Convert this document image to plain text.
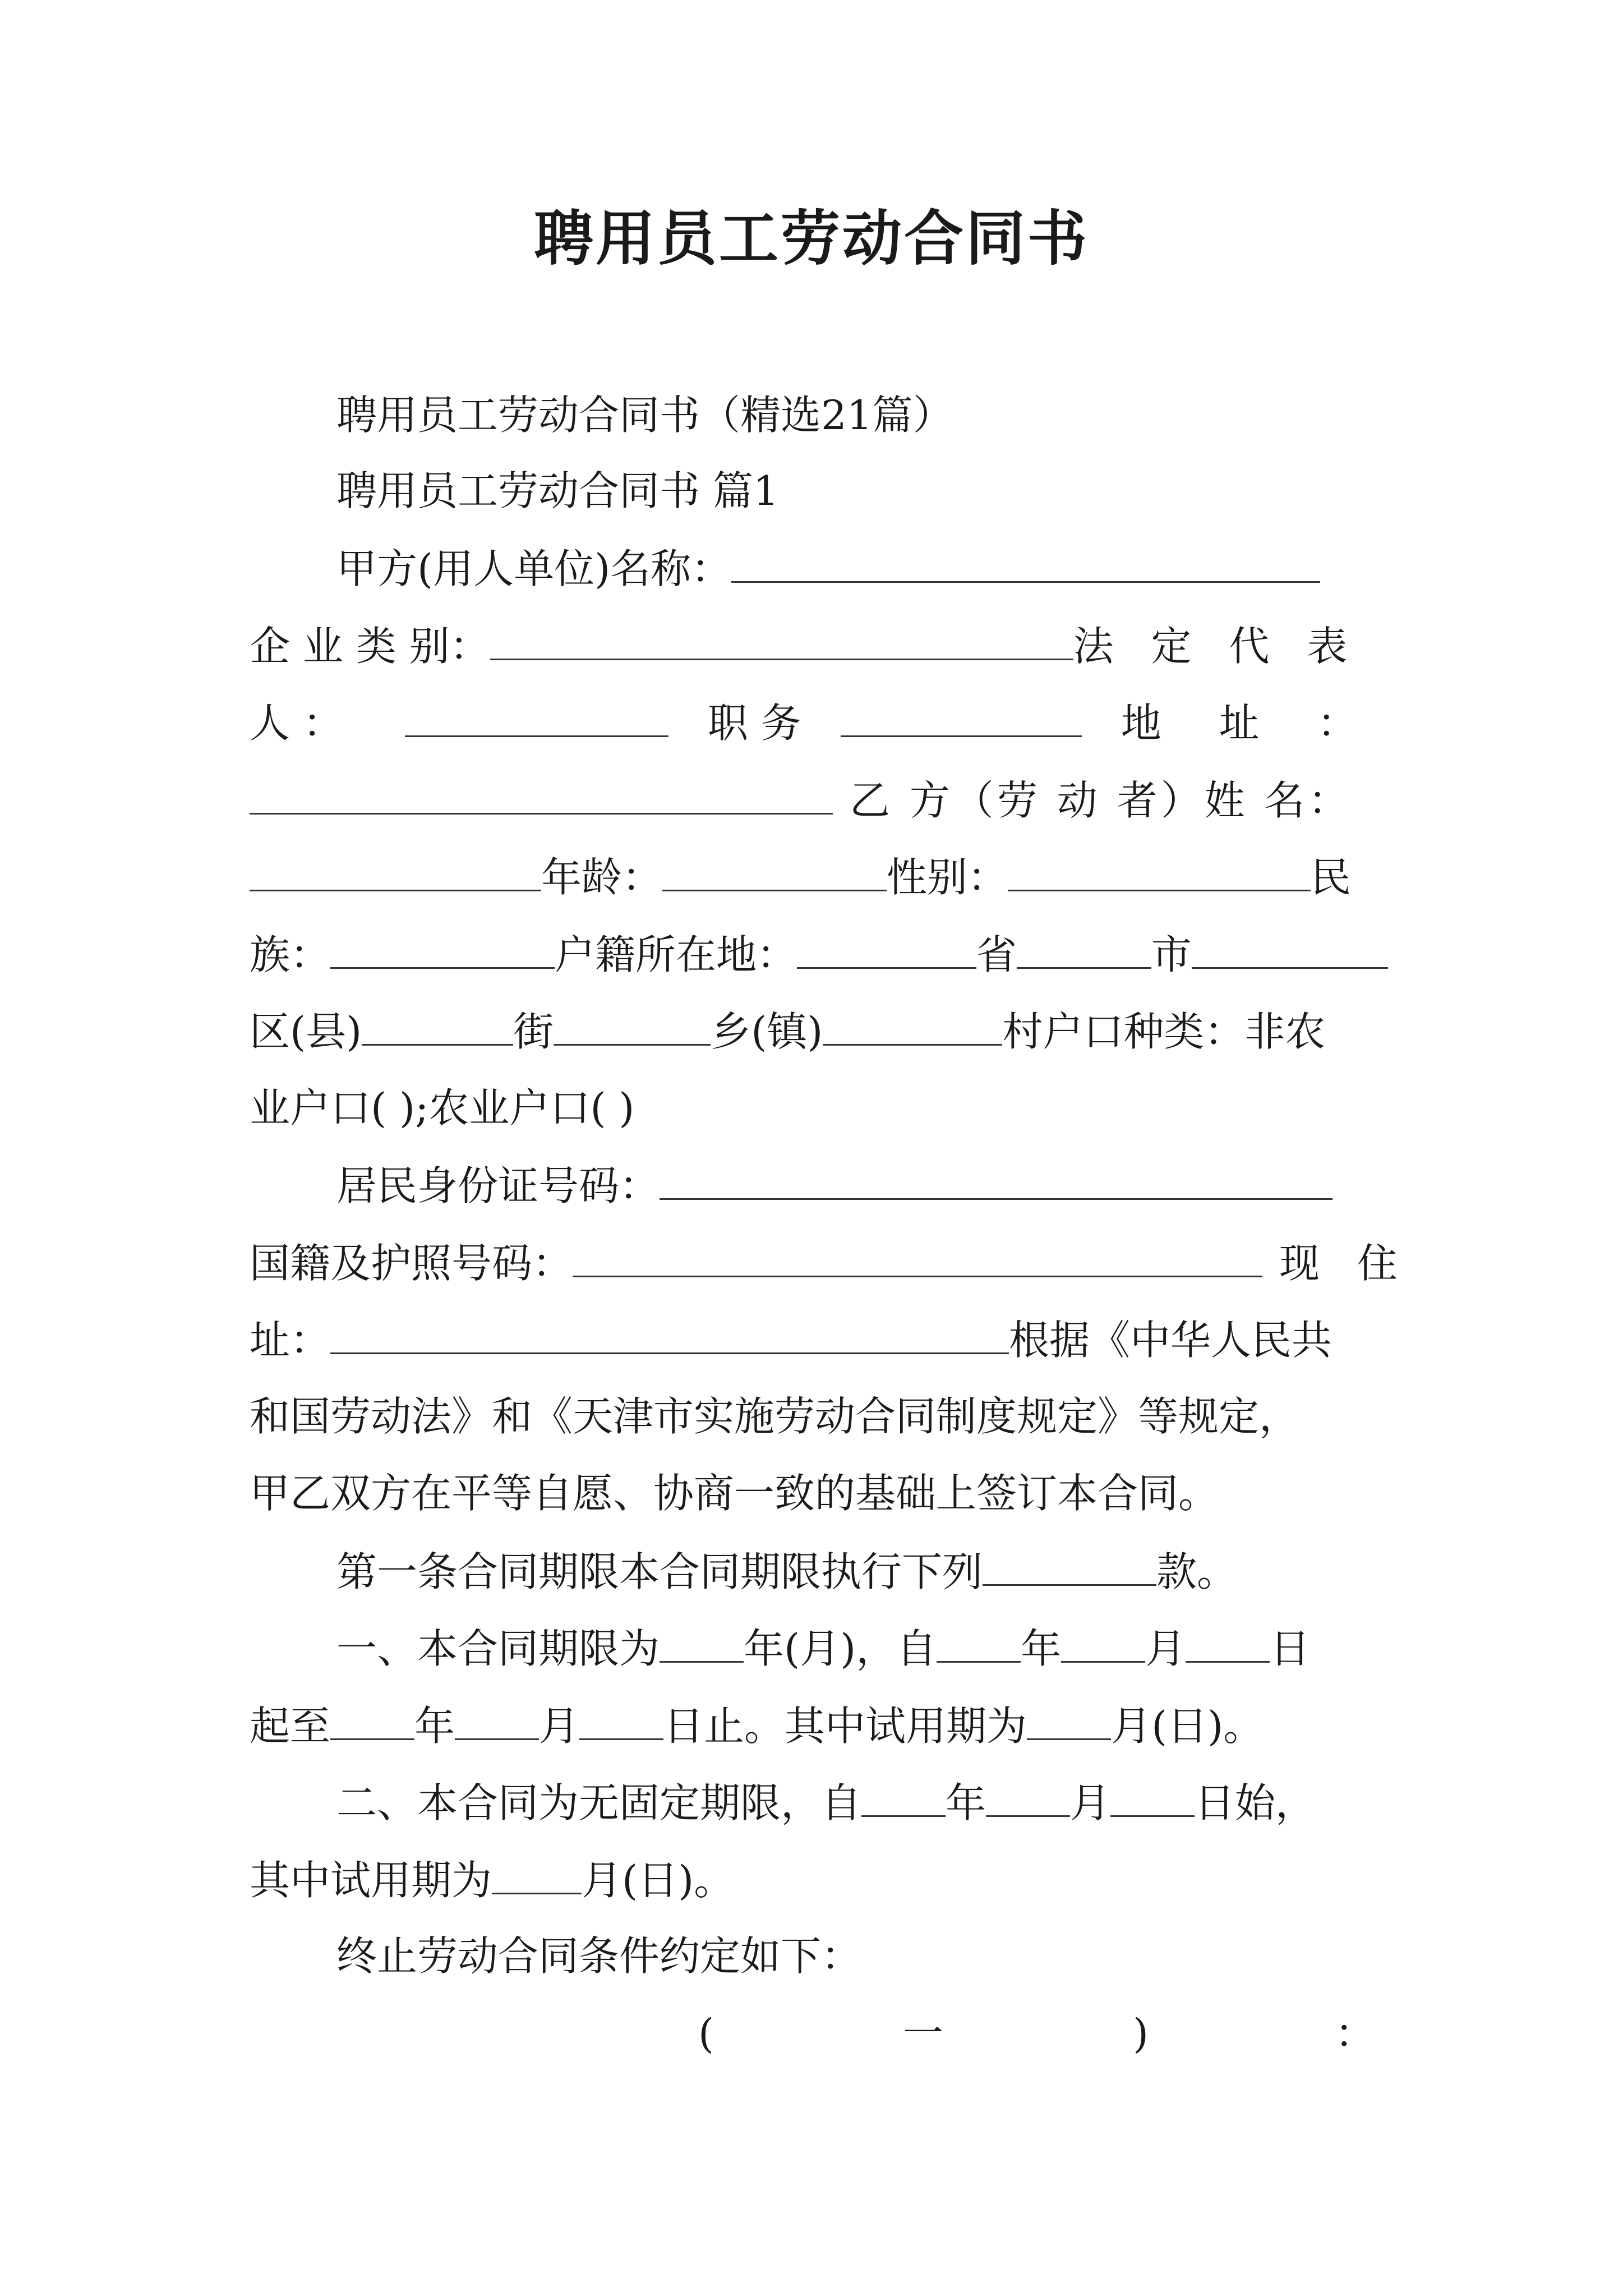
聘用员工劳动合同书
聘用员工劳动合同书（精选21篇）
聘用员工劳动合同书 篇1
甲方(用人单位)名称：
企 业 类 别：	法 定 代 表
人 ：	职 务	地 址 ：
乙 方（劳 动 者）姓 名：
年龄：	性别：	民
族：	户籍所在地：	省	市
区(县)	街	乡(镇)	村户口种类：非农
业户口( );农业户口( )
居民身份证号码：
国籍及护照号码：	现 住
址：	根据《中华人民共
和国劳动法》和《天津市实施劳动合同制度规定》等规定，
甲乙双方在平等自愿、协商一致的基础上签订本合同。
第一条合同期限本合同期限执行下列	款。
一、本合同期限为 年(月)，自 年 月 日
起至 年 月 日止。其中试用期为 月(日)。
二、本合同为无固定期限，自 年 月 日始，
其中试用期为 月(日)。
终止劳动合同条件约定如下：
(	一	)	：
